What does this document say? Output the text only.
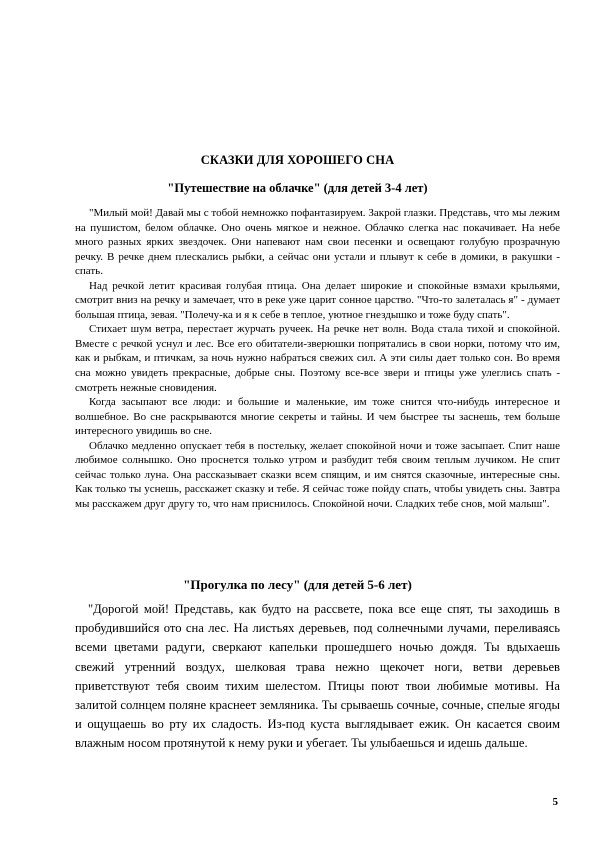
СКАЗКИ ДЛЯ ХОРОШЕГО СНА
"Путешествие на облачке" (для детей 3-4 лет)

"Милый мой! Давай мы с тобой немножко пофантазируем. Закрой глазки. Представь, что мы лежим на пушистом, белом облачке. Оно очень мягкое и нежное. Облачко слегка нас покачивает. На небе много разных ярких звездочек. Они напевают нам свои песенки и освещают голубую прозрачную речку. В речке днем плескались рыбки, а сейчас они устали и плывут к себе в домики, в ракушки - спать.

Над речкой летит красивая голубая птица. Она делает широкие и спокойные взмахи крыльями, смотрит вниз на речку и замечает, что в реке уже царит сонное царство. "Что-то залеталась я" - думает большая птица, зевая. "Полечу-ка и я к себе в теплое, уютное гнездышко и тоже буду спать".

Стихает шум ветра, перестает журчать ручеек. На речке нет волн. Вода стала тихой и спокойной. Вместе с речкой уснул и лес. Все его обитатели-зверюшки попрятались в свои норки, потому что им, как и рыбкам, и птичкам, за ночь нужно набраться свежих сил. А эти силы дает только сон. Во время сна можно увидеть прекрасные, добрые сны. Поэтому все-все звери и птицы уже улеглись спать - смотреть нежные сновидения.

Когда засыпают все люди: и большие и маленькие, им тоже снится что-нибудь интересное и волшебное. Во сне раскрываются многие секреты и тайны. И чем быстрее ты заснешь, тем больше интересного увидишь во сне.

Облачко медленно опускает тебя в постельку, желает спокойной ночи и тоже засыпает. Спит наше любимое солнышко. Оно проснется только утром и разбудит тебя своим теплым лучиком. Не спит сейчас только луна. Она рассказывает сказки всем спящим, и им снятся сказочные, интересные сны. Как только ты уснешь, расскажет сказку и тебе. Я сейчас тоже пойду спать, чтобы увидеть сны. Завтра мы расскажем друг другу то, что нам приснилось. Спокойной ночи. Сладких тебе снов, мой малыш".

"Прогулка по лесу" (для детей 5-6 лет)

"Дорогой мой! Представь, как будто на рассвете, пока все еще спят, ты заходишь в пробудившийся ото сна лес. На листьях деревьев, под солнечными лучами, переливаясь всеми цветами радуги, сверкают капельки прошедшего ночью дождя. Ты вдыхаешь свежий утренний воздух, шелковая трава нежно щекочет ноги, ветви деревьев приветствуют тебя своим тихим шелестом. Птицы поют твои любимые мотивы. На залитой солнцем поляне краснеет земляника. Ты срываешь сочные, сочные, спелые ягоды и ощущаешь во рту их сладость. Из-под куста выглядывает ежик. Он касается своим влажным носом протянутой к нему руки и убегает. Ты улыбаешься и идешь дальше.

5
